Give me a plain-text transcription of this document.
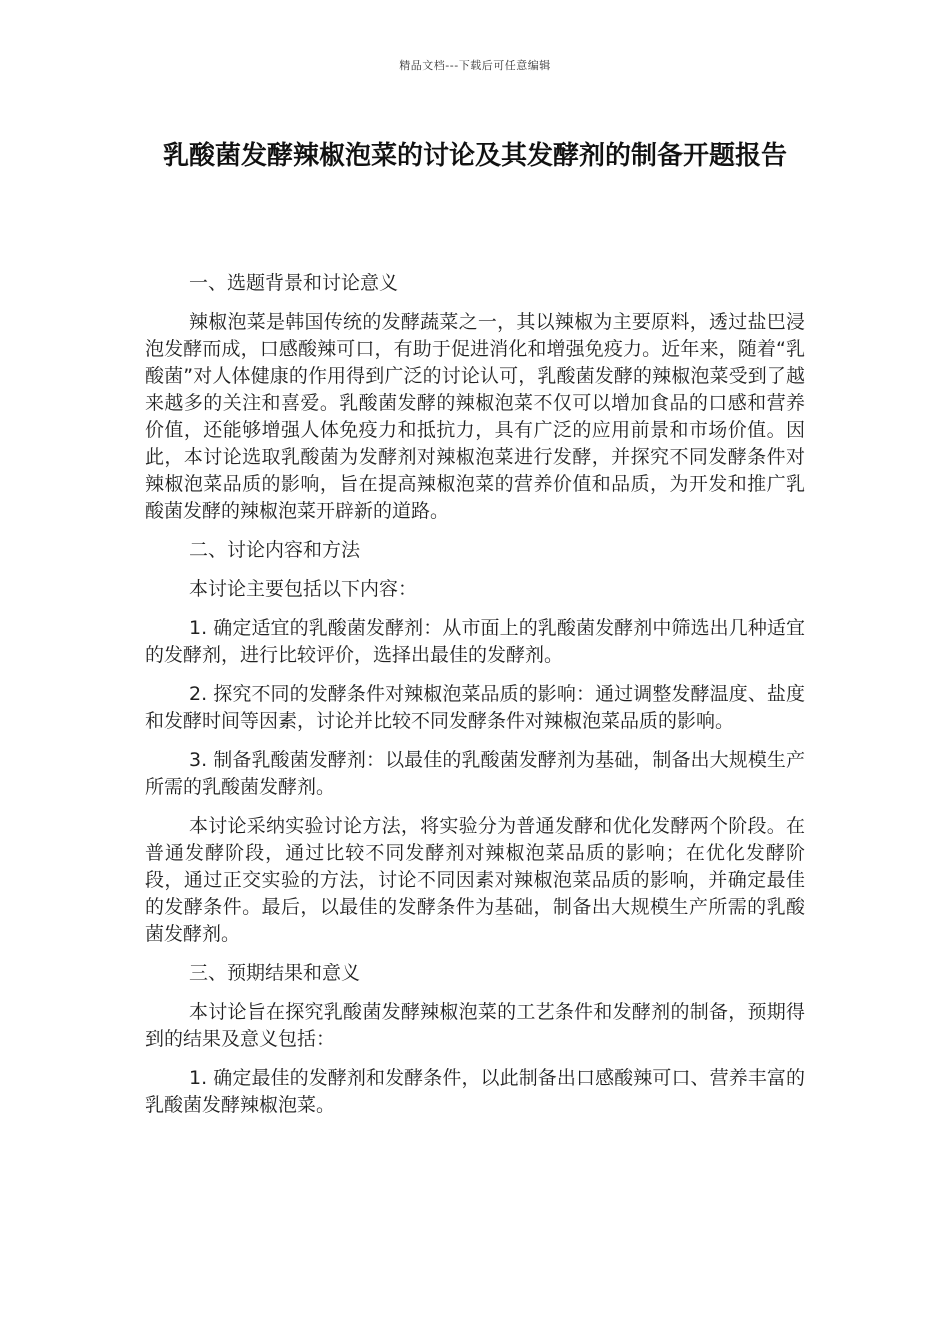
精品文档---下载后可任意编辑
乳酸菌发酵辣椒泡菜的讨论及其发酵剂的制备开题报告

一、选题背景和讨论意义

辣椒泡菜是韩国传统的发酵蔬菜之一，其以辣椒为主要原料，透过盐巴浸泡发酵而成，口感酸辣可口，有助于促进消化和增强免疫力。近年来，随着“乳酸菌”对人体健康的作用得到广泛的讨论认可，乳酸菌发酵的辣椒泡菜受到了越来越多的关注和喜爱。乳酸菌发酵的辣椒泡菜不仅可以增加食品的口感和营养价值，还能够增强人体免疫力和抵抗力，具有广泛的应用前景和市场价值。因此，本讨论选取乳酸菌为发酵剂对辣椒泡菜进行发酵，并探究不同发酵条件对辣椒泡菜品质的影响，旨在提高辣椒泡菜的营养价值和品质，为开发和推广乳酸菌发酵的辣椒泡菜开辟新的道路。

二、讨论内容和方法

本讨论主要包括以下内容：

1. 确定适宜的乳酸菌发酵剂：从市面上的乳酸菌发酵剂中筛选出几种适宜的发酵剂，进行比较评价，选择出最佳的发酵剂。

2. 探究不同的发酵条件对辣椒泡菜品质的影响：通过调整发酵温度、盐度和发酵时间等因素，讨论并比较不同发酵条件对辣椒泡菜品质的影响。

3. 制备乳酸菌发酵剂：以最佳的乳酸菌发酵剂为基础，制备出大规模生产所需的乳酸菌发酵剂。

本讨论采纳实验讨论方法，将实验分为普通发酵和优化发酵两个阶段。在普通发酵阶段，通过比较不同发酵剂对辣椒泡菜品质的影响；在优化发酵阶段，通过正交实验的方法，讨论不同因素对辣椒泡菜品质的影响，并确定最佳的发酵条件。最后，以最佳的发酵条件为基础，制备出大规模生产所需的乳酸菌发酵剂。

三、预期结果和意义

本讨论旨在探究乳酸菌发酵辣椒泡菜的工艺条件和发酵剂的制备，预期得到的结果及意义包括：

1. 确定最佳的发酵剂和发酵条件，以此制备出口感酸辣可口、营养丰富的乳酸菌发酵辣椒泡菜。
